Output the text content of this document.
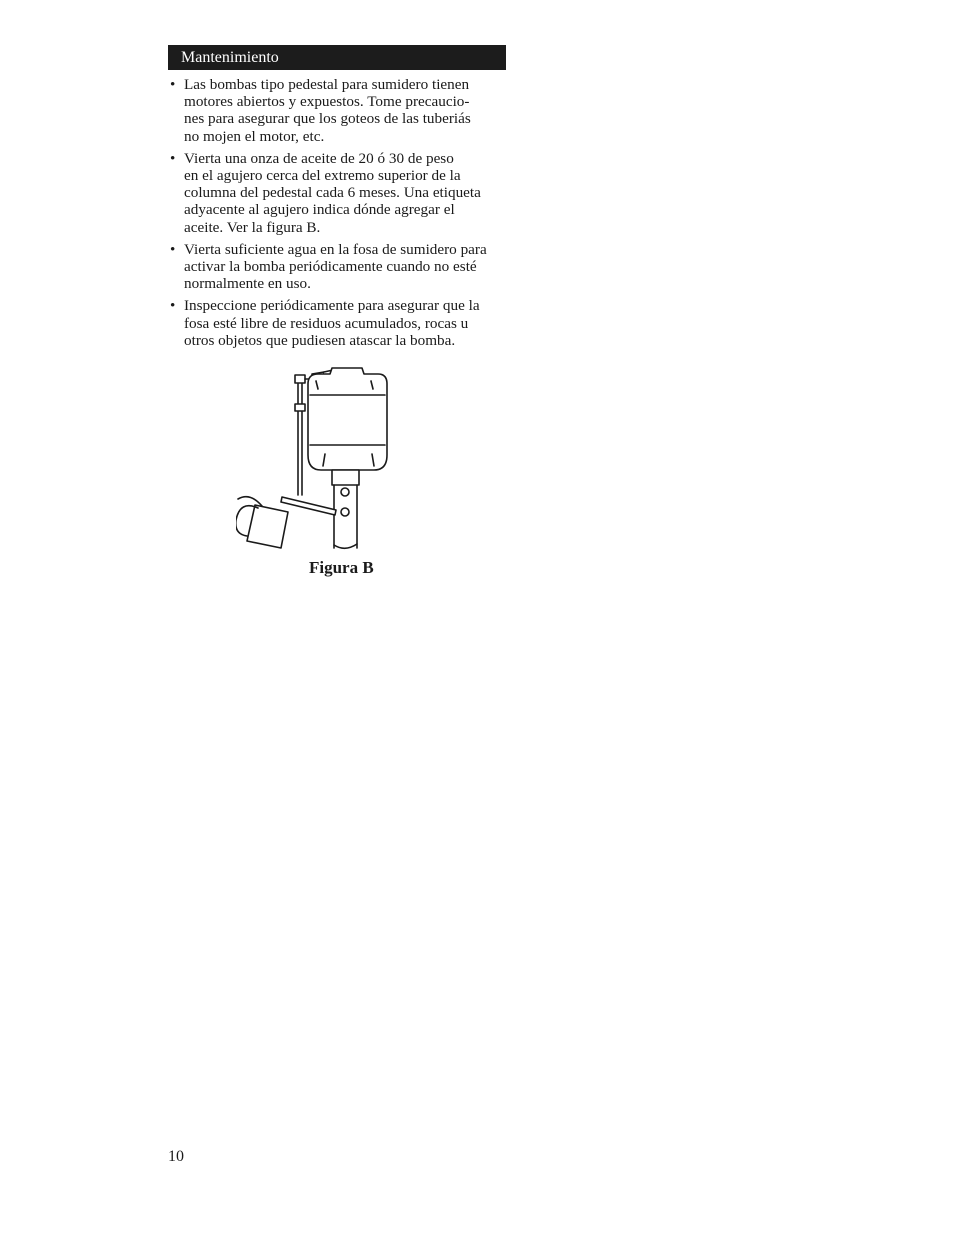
Mantenimiento
• Las bombas tipo pedestal para sumidero tienen
motores abiertos y expuestos. Tome precaucio-
nes para asegurar que los goteos de las tuberiás
no mojen el motor, etc.
• Vierta una onza de aceite de 20 ó 30 de peso
en el agujero cerca del extremo superior de la
columna del pedestal cada 6 meses. Una etiqueta
adyacente al agujero indica dónde agregar el
aceite. Ver la figura B.
• Vierta suficiente agua en la fosa de sumidero para
activar la bomba periódicamente cuando no esté
normalmente en uso.
• Inspeccione periódicamente para asegurar que la
fosa esté libre de residuos acumulados, rocas u
otros objetos que pudiesen atascar la bomba.
Figura B
10
